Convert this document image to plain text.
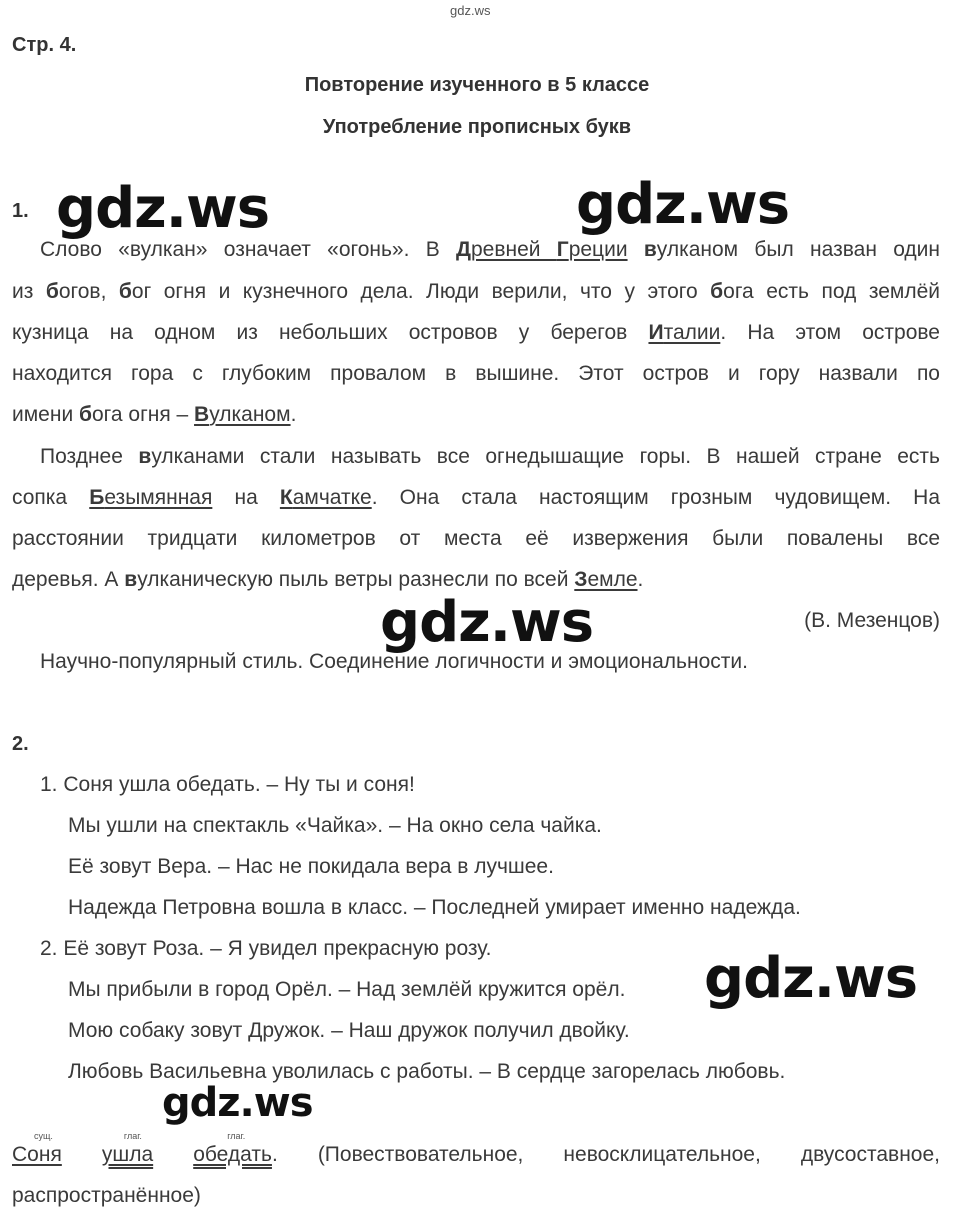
gdz.ws
Стр. 4.
Повторение изученного в 5 классе
Употребление прописных букв
1. gdz.ws	gdz.ws
Слово «вулкан» означает «огонь». В Древней Греции вулканом был назван один
из богов, бог огня и кузнечного дела. Люди верили, что у этого бога есть под землёй
кузница на одном из небольших островов у берегов Италии. На этом острове
находится гора с глубоким провалом в вышине. Этот остров и гору назвали по
имени бога огня – Вулканом.
Позднее вулканами стали называть все огнедышащие горы. В нашей стране есть
сопка Безымянная на Камчатке. Она стала настоящим грозным чудовищем. На
расстоянии тридцати километров от места её извержения были повалены все
деревья. А вулканическую пыль ветры разнесли по всей Земле.
(В. Мезенцов)
gdz.ws
Научно-популярный стиль. Соединение логичности и эмоциональности.
2.
1. Соня ушла обедать. – Ну ты и соня!
Мы ушли на спектакль «Чайка». – На окно села чайка.
Её зовут Вера. – Нас не покидала вера в лучшее.
Надежда Петровна вошла в класс. – Последней умирает именно надежда.
2. Её зовут Роза. – Я увидел прекрасную розу.
Мы прибыли в город Орёл. – Над землёй кружится орёл.
Мою собаку зовут Дружок. – Наш дружок получил двойку.
Любовь Васильевна уволилась с работы. – В сердце загорелась любовь.
gdz.ws
gdz.ws
сущ.
Соня
глаг.
ушла
глаг.
обедать. (Повествовательное, невосклицательное, двусоставное,
распространённое)
